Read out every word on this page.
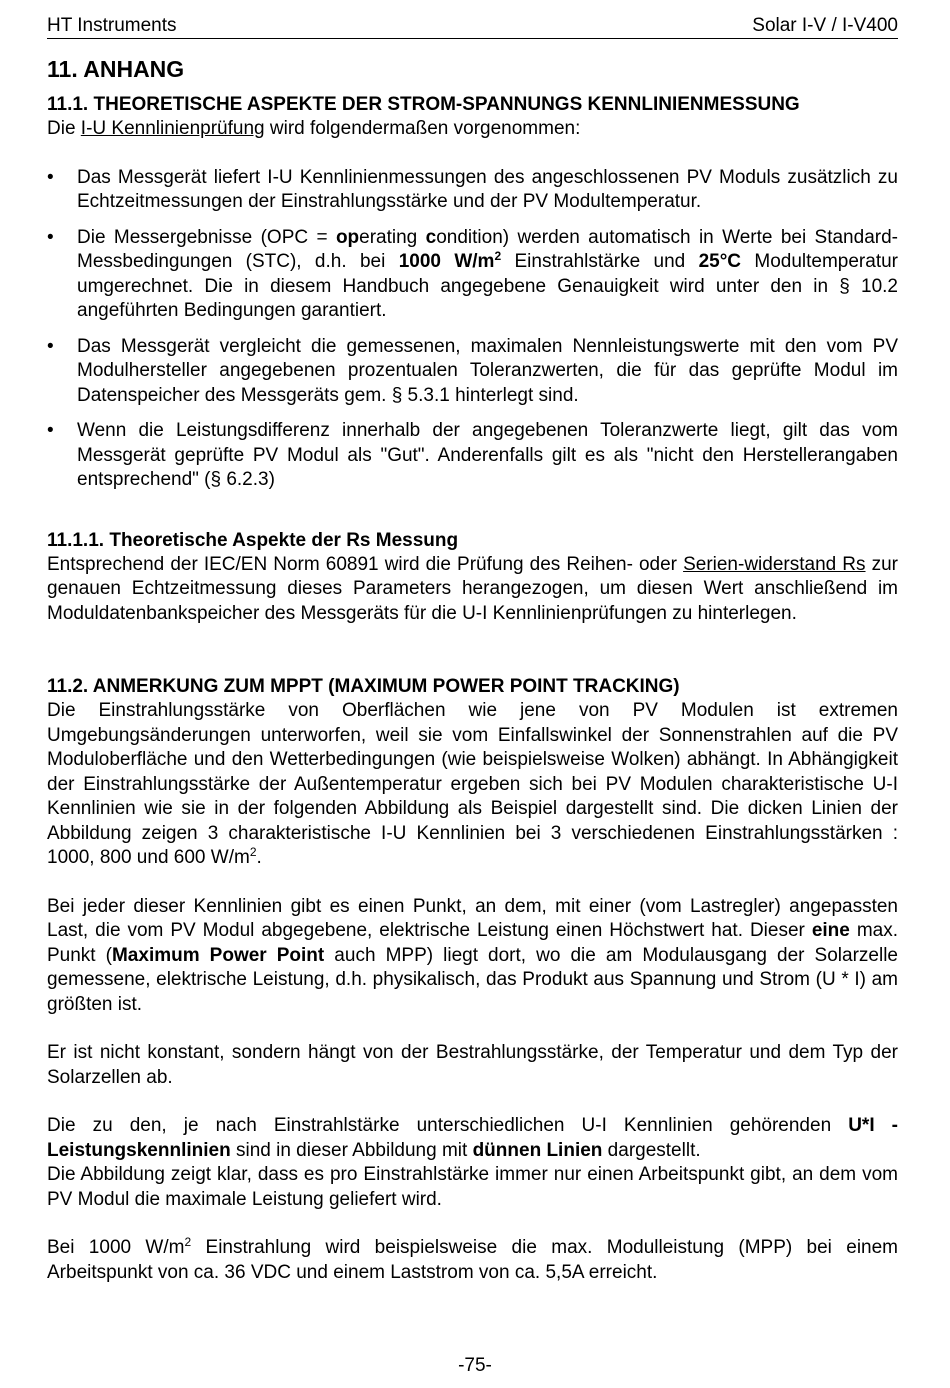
HT Instruments	Solar I-V / I-V400
11. ANHANG
11.1. THEORETISCHE ASPEKTE DER STROM-SPANNUNGS KENNLINIENMESSUNG

Die I-U Kennlinienprüfung wird folgendermaßen vorgenommen:

• Das Messgerät liefert I-U Kennlinienmessungen des angeschlossenen PV Moduls zusätzlich zu Echtzeitmessungen der Einstrahlungsstärke und der PV Modultemperatur.
• Die Messergebnisse (OPC = operating condition) werden automatisch in Werte bei Standard-Messbedingungen (STC), d.h. bei 1000 $W/m^2$ Einstrahlstärke und 25°C Modultemperatur umgerechnet. Die in diesem Handbuch angegebene Genauigkeit wird unter den in § 10.2 angeführten Bedingungen garantiert.
• Das Messgerät vergleicht die gemessenen, maximalen Nennleistungswerte mit den vom PV Modulhersteller angegebenen prozentualen Toleranzwerten, die für das geprüfte Modul im Datenspeicher des Messgeräts gem. § 5.3.1 hinterlegt sind.
• Wenn die Leistungsdifferenz innerhalb der angegebenen Toleranzwerte liegt, gilt das vom Messgerät geprüfte PV Modul als "Gut". Anderenfalls gilt es als "nicht den Herstellerangaben entsprechend" (§ 6.2.3)
11.1.1. Theoretische Aspekte der Rs Messung

Entsprechend der IEC/EN Norm 60891 wird die Prüfung des Reihen- oder Serien-widerstand Rs zur genauen Echtzeitmessung dieses Parameters herangezogen, um diesen Wert anschließend im Moduldatenbankspeicher des Messgeräts für die U-I Kennlinienprüfungen zu hinterlegen.

11.2. ANMERKUNG ZUM MPPT (MAXIMUM POWER POINT TRACKING)

Die Einstrahlungsstärke von Oberflächen wie jene von PV Modulen ist extremen Umgebungsänderungen unterworfen, weil sie vom Einfallswinkel der Sonnenstrahlen auf die PV Moduloberfläche und den Wetterbedingungen (wie beispielsweise Wolken) abhängt. In Abhängigkeit der Einstrahlungsstärke der Außentemperatur ergeben sich bei PV Modulen charakteristische U-I Kennlinien wie sie in der folgenden Abbildung als Beispiel dargestellt sind. Die dicken Linien der Abbildung zeigen 3 charakteristische I-U Kennlinien bei 3 verschiedenen Einstrahlungsstärken : 1000, 800 und 600 $W/m^2$.

Bei jeder dieser Kennlinien gibt es einen Punkt, an dem, mit einer (vom Lastregler) angepassten Last, die vom PV Modul abgegebene, elektrische Leistung einen Höchstwert hat. Dieser eine max. Punkt (Maximum Power Point auch MPP) liegt dort, wo die am Modulausgang der Solarzelle gemessene, elektrische Leistung, d.h. physikalisch, das Produkt aus Spannung und Strom (U * I) am größten ist.

Er ist nicht konstant, sondern hängt von der Bestrahlungsstärke, der Temperatur und dem Typ der Solarzellen ab.

Die zu den, je nach Einstrahlstärke unterschiedlichen U-I Kennlinien gehörenden U*I - Leistungskennlinien sind in dieser Abbildung mit dünnen Linien dargestellt.

Die Abbildung zeigt klar, dass es pro Einstrahlstärke immer nur einen Arbeitspunkt gibt, an dem vom PV Modul die maximale Leistung geliefert wird.

Bei 1000 $W/m^2$ Einstrahlung wird beispielsweise die max. Modulleistung (MPP) bei einem Arbeitspunkt von ca. 36 VDC und einem Laststrom von ca. 5,5A erreicht.

-75-
